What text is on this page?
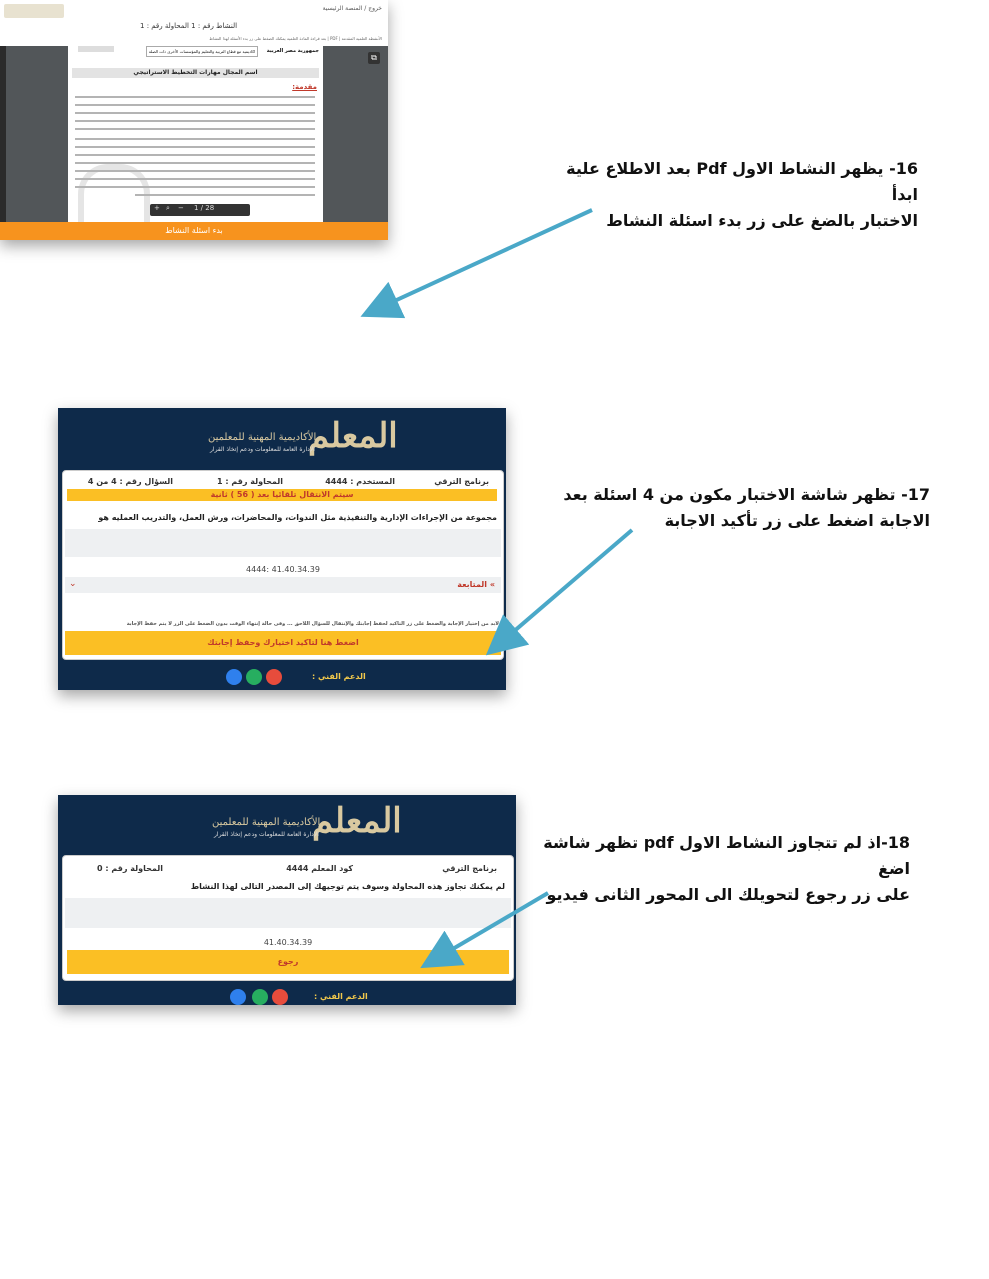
خروج / المنصة الرئيسية
النشاط رقم : 1 المحاولة رقم : 1
الأنشطة العلمية المقدمة | PDF | بعد قراءة المادة العلمية يمكنك الضغط على زر بدء الأسئلة لهذا النشاط
اكاديمية مع قطاع التربية والتعليم والمؤسسات الأخرى ذات الصلة	جمهورية مصر العربية
اسم المجال مهارات التخطيط الاستراتيجي
مقدمة:
⧉
+ ⌕ − 1 / 28
بدء اسئلة النشاط
16- يظهر النشاط الاول Pdf بعد الاطلاع علية ابدأ
الاختبار بالضغ على زر بدء اسئلة النشاط
المعلم
الأكاديمية المهنية للمعلمين
الإدارة العامة للمعلومات ودعم إتخاذ القرار
برنامج الترقي
المستخدم : 4444
المحاولة رقم : 1
السؤال رقم : 4 من 4
سيتم الانتقال تلقائيا بعد ( 56 ) ثانية
مجموعة من الإجراءات الإدارية والتنفيذية مثل الندوات، والمحاضرات، ورش العمل، والتدريب العمليه هو
41.40.34.39 :4444
» المتابعة
⌄
لابد من إختيار الإجابة والضغط على زر التأكيد لحفظ إجابتك والإنتقال للسؤال اللاحق ... وفى حالة إنتهاء الوقت بدون الضغط على الزر لا يتم حفظ الإجابة
اضغط هنا لتاكيد اختيارك وحفظ إجابتك
الدعم الفني :
17- تظهر شاشة الاختبار مكون من 4 اسئلة بعد
الاجابة اضغط على زر تأكيد الاجابة
المعلم
الأكاديمية المهنية للمعلمين
الإدارة العامة للمعلومات ودعم إتخاذ القرار
برنامج الترقي
كود المعلم 4444
المحاولة رقم : 0
لم يمكنك تجاوز هذه المحاولة وسوف يتم توجيهك إلى المصدر التالى لهذا النشاط
41.40.34.39
رجوع
الدعم الفني :
18-اذ لم تتجاوز النشاط الاول pdf تظهر شاشة اضغ
على زر رجوع لتحويلك الى المحور الثانى فيديو
